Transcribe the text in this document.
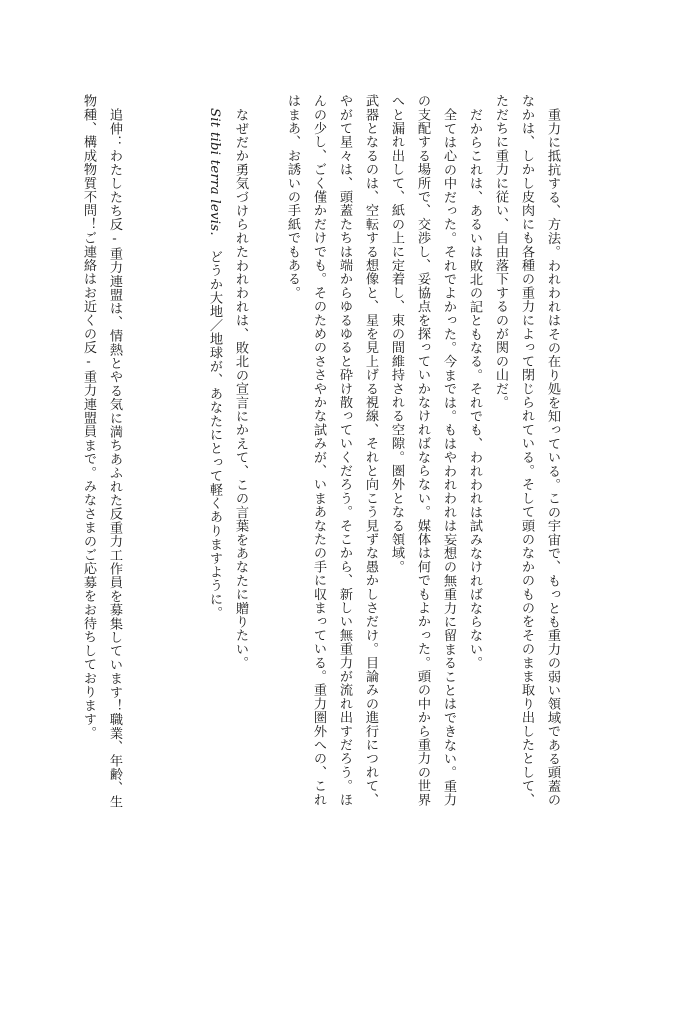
重力に抵抗する、方法。われわれはその在り処を知っている。この宇宙で、もっとも重力の弱い領域である頭蓋の
なかは、しかし皮肉にも各種の重力によって閉じられている。そして頭のなかのものをそのまま取り出したとして、
ただちに重力に従い、自由落下するのが関の山だ。
だからこれは、あるいは敗北の記ともなる。それでも、われわれは試みなければならない。
全ては心の中だった。それでよかった。今までは。もはやわれわれは妄想の無重力に留まることはできない。重力
の支配する場所で、交渉し、妥協点を探っていかなければならない。媒体は何でもよかった。頭の中から重力の世界
へと漏れ出して、紙の上に定着し、束の間維持される空隙。圏外となる領域。
武器となるのは、空転する想像と、星を見上げる視線、それと向こう見ずな愚かしさだけ。目論みの進行につれて、
やがて星々は、頭蓋たちは端からゆるゆると砕け散っていくだろう。そこから、新しい無重力が流れ出すだろう。ほ
んの少し、ごく僅かだけでも。そのためのささやかな試みが、いまあなたの手に収まっている。重力圏外への、これ
はまあ、お誘いの手紙でもある。
なぜだか勇気づけられたわれわれは、敗北の宣言にかえて、この言葉をあなたに贈りたい。
Sit tibi terra levis.どうか大地／地球が、あなたにとって軽くありますように。
追伸：わたしたち反-重力連盟は、情熱とやる気に満ちあふれた反重力工作員を募集しています！職業、年齢、生
物種、構成物質不問！ご連絡はお近くの反-重力連盟員まで。みなさまのご応募をお待ちしております。
